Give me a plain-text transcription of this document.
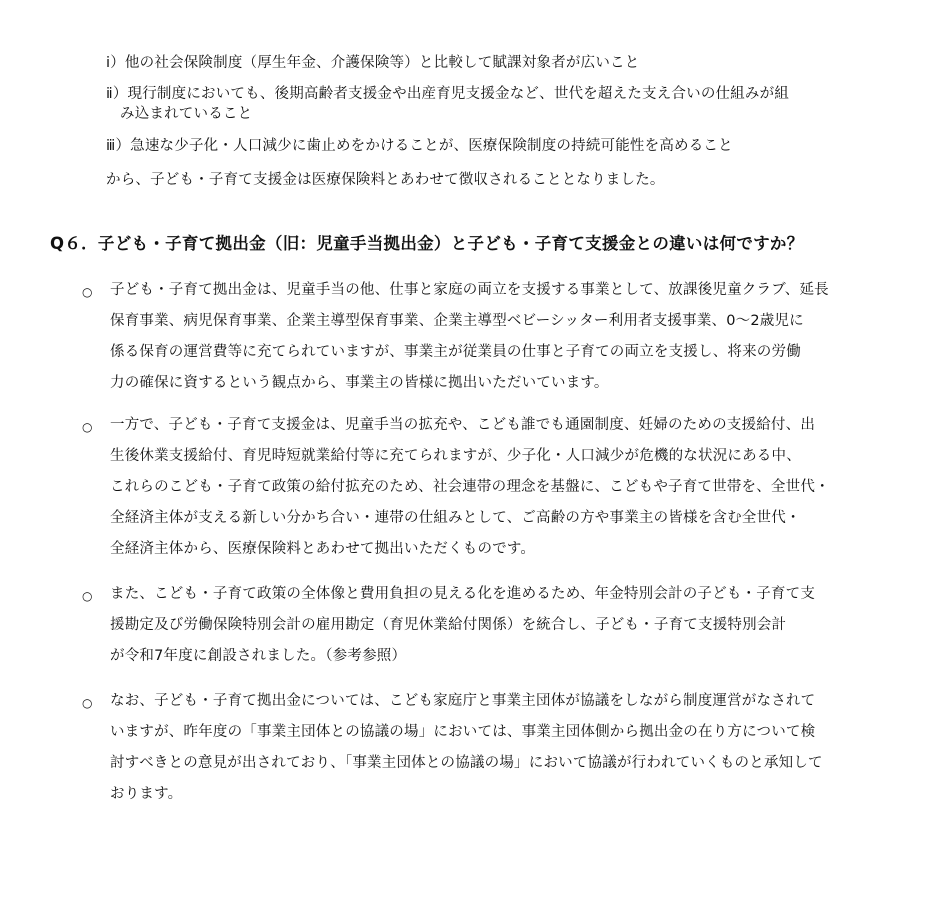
ⅰ）他の社会保険制度（厚生年金、介護保険等）と比較して賦課対象者が広いこと
ⅱ）現行制度においても、後期高齢者支援金や出産育児支援金など、世代を超えた支え合いの仕組みが組
み込まれていること
ⅲ）急速な少子化・人口減少に歯止めをかけることが、医療保険制度の持続可能性を高めること
から、子ども・子育て支援金は医療保険料とあわせて徴収されることとなりました。
Q６．子ども・子育て拠出金（旧：児童手当拠出金）と子ども・子育て支援金との違いは何ですか？
○ 子ども・子育て拠出金は、児童手当の他、仕事と家庭の両立を支援する事業として、放課後児童クラブ、延長
保育事業、病児保育事業、企業主導型保育事業、企業主導型ベビーシッター利用者支援事業、0～2歳児に
係る保育の運営費等に充てられていますが、事業主が従業員の仕事と子育ての両立を支援し、将来の労働
力の確保に資するという観点から、事業主の皆様に拠出いただいています。
○ 一方で、子ども・子育て支援金は、児童手当の拡充や、こども誰でも通園制度、妊婦のための支援給付、出
生後休業支援給付、育児時短就業給付等に充てられますが、少子化・人口減少が危機的な状況にある中、
これらのこども・子育て政策の給付拡充のため、社会連帯の理念を基盤に、こどもや子育て世帯を、全世代・
全経済主体が支える新しい分かち合い・連帯の仕組みとして、ご高齢の方や事業主の皆様を含む全世代・
全経済主体から、医療保険料とあわせて拠出いただくものです。
○ また、こども・子育て政策の全体像と費用負担の見える化を進めるため、年金特別会計の子ども・子育て支
援勘定及び労働保険特別会計の雇用勘定（育児休業給付関係）を統合し、子ども・子育て支援特別会計
が令和7年度に創設されました。（参考参照）
○ なお、子ども・子育て拠出金については、こども家庭庁と事業主団体が協議をしながら制度運営がなされて
いますが、昨年度の「事業主団体との協議の場」においては、事業主団体側から拠出金の在り方について検
討すべきとの意見が出されており、「事業主団体との協議の場」において協議が行われていくものと承知して
おります。
